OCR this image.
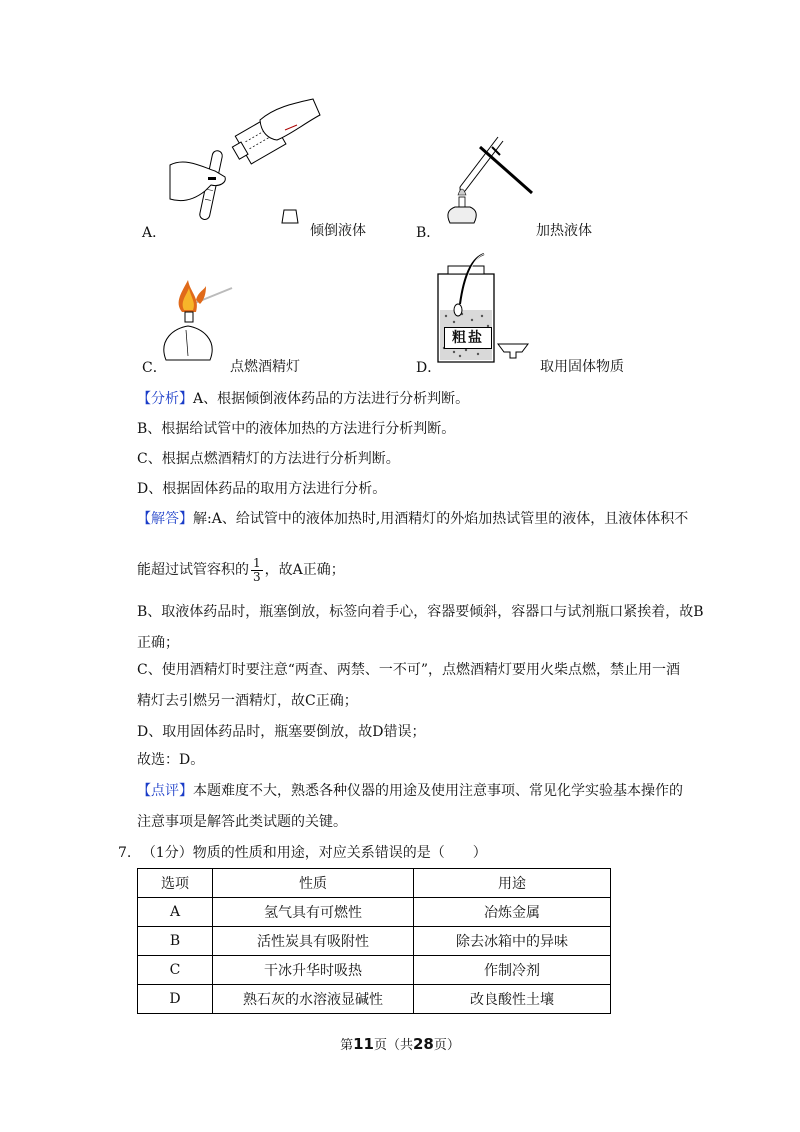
粗盐
A．	倾倒液体	B．	加热液体
C．	点燃酒精灯	D．	取用固体物质
【分析】A、根据倾倒液体药品的方法进行分析判断。
B、根据给试管中的液体加热的方法进行分析判断。
C、根据点燃酒精灯的方法进行分析判断。
D、根据固体药品的取用方法进行分析。
【解答】解:A、给试管中的液体加热时,用酒精灯的外焰加热试管里的液体，且液体体积不
能超过试管容积的 $\frac{1}{3}$ ，故A正确；
B、取液体药品时，瓶塞倒放，标签向着手心，容器要倾斜，容器口与试剂瓶口紧挨着，故B
正确；
C、使用酒精灯时要注意“两查、两禁、一不可”，点燃酒精灯要用火柴点燃，禁止用一酒
精灯去引燃另一酒精灯，故C正确；
D、取用固体药品时，瓶塞要倒放，故D错误；
故选：D。
【点评】本题难度不大，熟悉各种仪器的用途及使用注意事项、常见化学实验基本操作的
注意事项是解答此类试题的关键。
7. （1分）物质的性质和用途，对应关系错误的是（　　）
选项	性质	用途
A	氢气具有可燃性	冶炼金属
B	活性炭具有吸附性	除去冰箱中的异味
C	干冰升华时吸热	作制冷剂
D	熟石灰的水溶液显碱性	改良酸性土壤
第11页（共28页）
